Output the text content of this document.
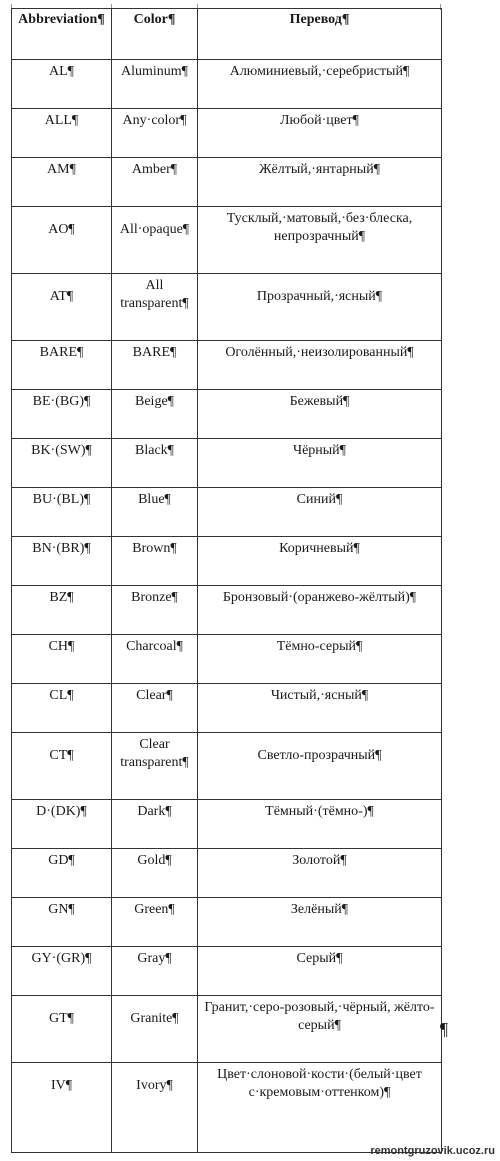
Abbreviation¶	Color¶	Перевод¶
AL¶	Aluminum¶	Алюминиевый,·серебристый¶
ALL¶	Any·color¶	Любой·цвет¶
AM¶	Amber¶	Жёлтый,·янтарный¶
AO¶	All·opaque¶	Тусклый,·матовый,·без·блеска, непрозрачный¶
AT¶	All transparent¶	Прозрачный,·ясный¶
BARE¶	BARE¶	Оголённый,·неизолированный¶
BE·(BG)¶	Beige¶	Бежевый¶
BK·(SW)¶	Black¶	Чёрный¶
BU·(BL)¶	Blue¶	Синий¶
BN·(BR)¶	Brown¶	Коричневый¶
BZ¶	Bronze¶	Бронзовый·(оранжево-жёлтый)¶
CH¶	Charcoal¶	Тёмно-серый¶
CL¶	Clear¶	Чистый,·ясный¶
CT¶	Clear transparent¶	Светло-прозрачный¶
D·(DK)¶	Dark¶	Тёмный·(тёмно-)¶
GD¶	Gold¶	Золотой¶
GN¶	Green¶	Зелёный¶
GY·(GR)¶	Gray¶	Серый¶
GT¶	Granite¶	Гранит,·серо-розовый,·чёрный, жёлто-серый¶
IV¶	Ivory¶	Цвет·слоновой·кости·(белый·цвет с·кремовым·оттенком)¶
¶
remontgruzovik.ucoz.ru
